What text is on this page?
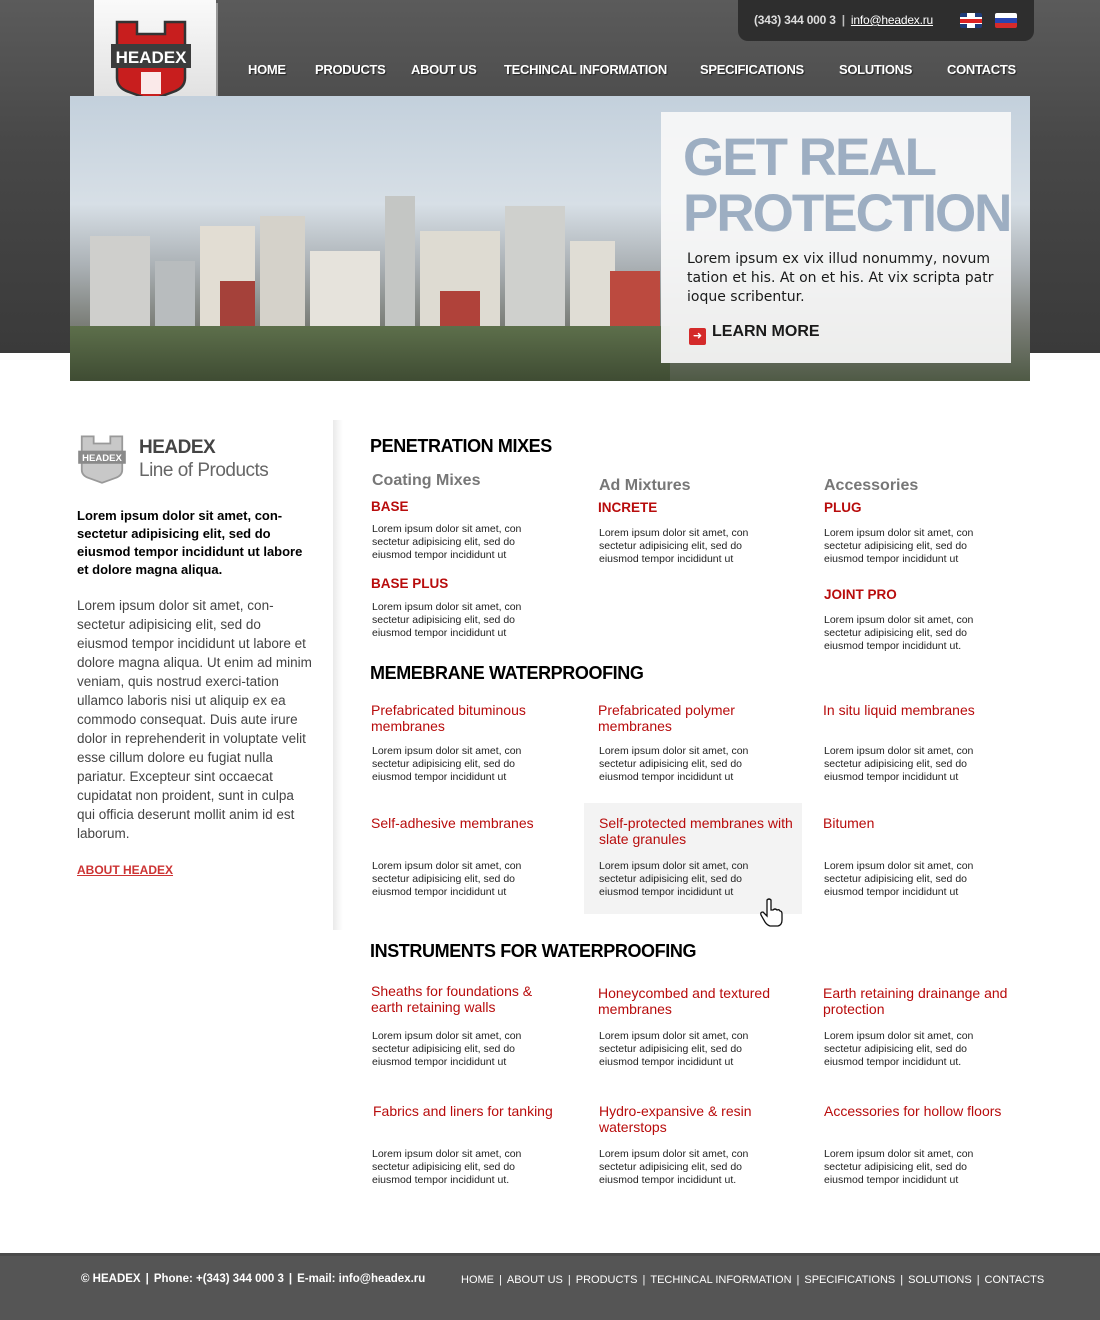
(343) 344 000 3 | info@headex.ru
HEADEX
HOME PRODUCTS ABOUT US TECHINCAL INFORMATION	SPECIFICATIONS	SOLUTIONS	CONTACTS
GET REAL
PROTECTION
Lorem ipsum ex vix illud nonummy, novum tation et his. At on et his. At vix scripta patr ioque scribentur.
➜ LEARN MORE
HEADEX
HEADEX
Line of Products
Lorem ipsum dolor sit amet, con-sectetur adipisicing elit, sed do eiusmod tempor incididunt ut labore et dolore magna aliqua.
Lorem ipsum dolor sit amet, con-sectetur adipisicing elit, sed do eiusmod tempor incididunt ut labore et dolore magna aliqua. Ut enim ad minim veniam, quis nostrud exerci-tation ullamco laboris nisi ut aliquip ex ea commodo consequat. Duis aute irure dolor in reprehenderit in voluptate velit esse cillum dolore eu fugiat nulla pariatur. Excepteur sint occaecat cupidatat non proident, sunt in culpa qui officia deserunt mollit anim id est laborum.
ABOUT HEADEX
PENETRATION MIXES
Coating Mixes	Ad Mixtures	Accessories
BASE
Lorem ipsum dolor sit amet, con sectetur adipisicing elit, sed do eiusmod tempor incididunt ut
INCRETE
Lorem ipsum dolor sit amet, con sectetur adipisicing elit, sed do eiusmod tempor incididunt ut
PLUG
Lorem ipsum dolor sit amet, con sectetur adipisicing elit, sed do eiusmod tempor incididunt ut
BASE PLUS
Lorem ipsum dolor sit amet, con sectetur adipisicing elit, sed do eiusmod tempor incididunt ut
JOINT PRO
Lorem ipsum dolor sit amet, con sectetur adipisicing elit, sed do eiusmod tempor incididunt ut.
MEMEBRANE WATERPROOFING
Prefabricated bituminous membranes
Lorem ipsum dolor sit amet, con sectetur adipisicing elit, sed do eiusmod tempor incididunt ut
Prefabricated polymer membranes
Lorem ipsum dolor sit amet, con sectetur adipisicing elit, sed do eiusmod tempor incididunt ut
In situ liquid membranes
Lorem ipsum dolor sit amet, con sectetur adipisicing elit, sed do eiusmod tempor incididunt ut
Self-adhesive membranes
Lorem ipsum dolor sit amet, con sectetur adipisicing elit, sed do eiusmod tempor incididunt ut
Self-protected membranes with slate granules
Lorem ipsum dolor sit amet, con sectetur adipisicing elit, sed do eiusmod tempor incididunt ut
Bitumen
Lorem ipsum dolor sit amet, con sectetur adipisicing elit, sed do eiusmod tempor incididunt ut
INSTRUMENTS FOR WATERPROOFING
Sheaths for foundations & earth retaining walls
Lorem ipsum dolor sit amet, con sectetur adipisicing elit, sed do eiusmod tempor incididunt ut
Honeycombed and textured membranes
Lorem ipsum dolor sit amet, con sectetur adipisicing elit, sed do eiusmod tempor incididunt ut
Earth retaining drainange and protection
Lorem ipsum dolor sit amet, con sectetur adipisicing elit, sed do eiusmod tempor incididunt ut.
Fabrics and liners for tanking
Lorem ipsum dolor sit amet, con sectetur adipisicing elit, sed do eiusmod tempor incididunt ut.
Hydro-expansive & resin waterstops
Lorem ipsum dolor sit amet, con sectetur adipisicing elit, sed do eiusmod tempor incididunt ut.
Accessories for hollow floors
Lorem ipsum dolor sit amet, con sectetur adipisicing elit, sed do eiusmod tempor incididunt ut
© HEADEX | Phone: +(343) 344 000 3 | E-mail: info@headex.ru	HOME | ABOUT US | PRODUCTS | TECHINCAL INFORMATION | SPECIFICATIONS | SOLUTIONS | CONTACTS
